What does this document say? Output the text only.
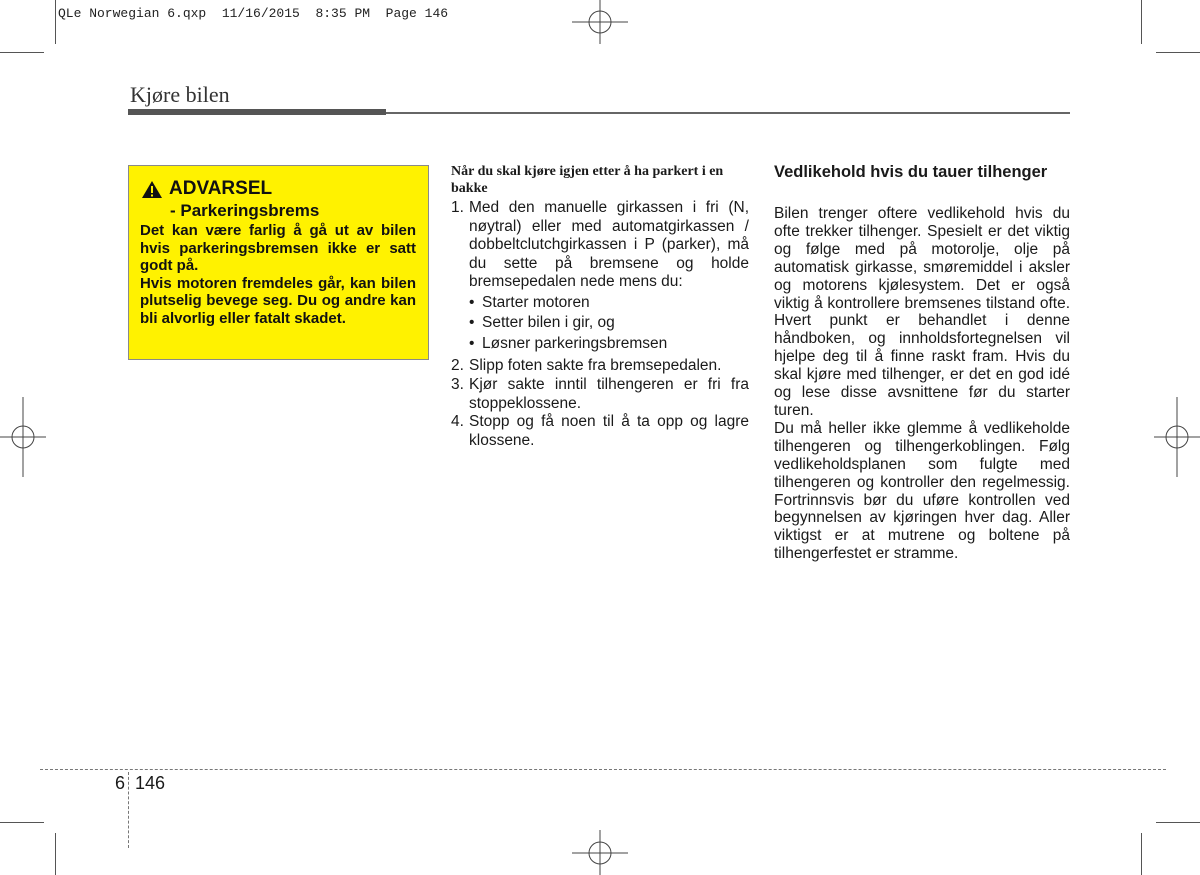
QLe Norwegian 6.qxp  11/16/2015  8:35 PM  Page 146
Kjøre bilen
ADVARSEL
- Parkeringsbrems

Det kan være farlig å gå ut av bilen hvis parkeringsbremsen ikke er satt godt på.

Hvis motoren fremdeles går, kan bilen plutselig bevege seg. Du og andre kan bli alvorlig eller fatalt skadet.

Når du skal kjøre igjen etter å ha parkert i en bakke
1. Med den manuelle girkassen i fri (N, nøytral) eller med automatgirkassen / dobbeltclutchgirkassen i P (parker), må du sette på bremsene og holde bremsepedalen nede mens du:
• Starter motoren
• Setter bilen i gir, og
• Løsner parkeringsbremsen
2. Slipp foten sakte fra bremsepedalen.
3. Kjør sakte inntil tilhengeren er fri fra stoppeklossene.
4. Stopp og få noen til å ta opp og lagre klossene.
Vedlikehold hvis du tauer tilhenger

Bilen trenger oftere vedlikehold hvis du ofte trekker tilhenger. Spesielt er det viktig og følge med på motorolje, olje på automatisk girkasse, smøremiddel i aksler og motorens kjølesystem. Det er også viktig å kontrollere bremsenes tilstand ofte. Hvert punkt er behandlet i denne håndboken, og innholdsfortegnelsen vil hjelpe deg til å finne raskt fram. Hvis du skal kjøre med tilhenger, er det en god idé og lese disse avsnittene før du starter turen.

Du må heller ikke glemme å vedlikeholde tilhengeren og tilhengerkoblingen. Følg vedlikeholdsplanen som fulgte med tilhengeren og kontroller den regelmessig. Fortrinnsvis bør du uføre kontrollen ved begynnelsen av kjøringen hver dag. Aller viktigst er at mutrene og boltene på tilhengerfestet er stramme.

6 146
